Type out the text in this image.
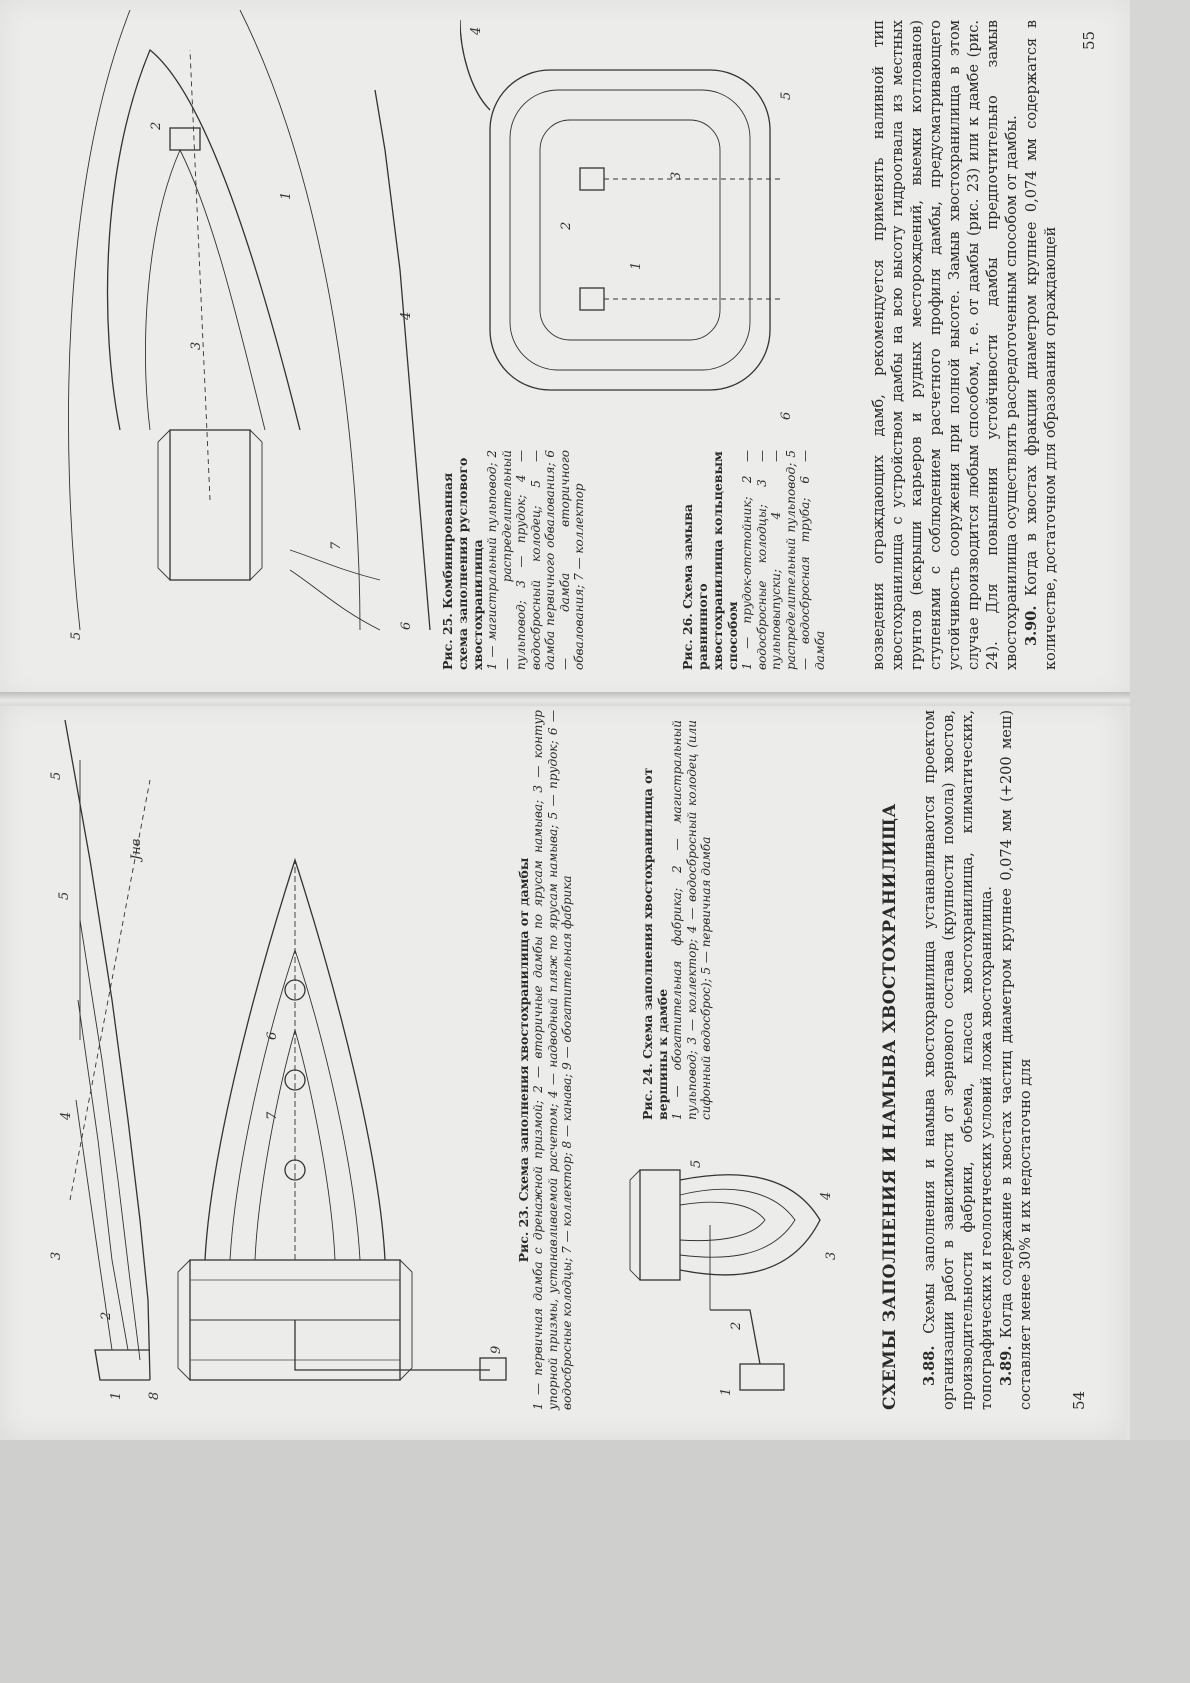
9
7
6
8
1
2
3
4
5
5
Jнв
Рис. 23. Схема заполнения хвостохранилища от дамбы 1 — первичная дамба с дренажной призмой; 2 — вторичные дамбы по ярусам намыва; 3 — контур упорной призмы, устанавливаемой расчетом; 4 — надводный пляж по ярусам намыва; 5 — прудок; 6 — водосбросные колодцы; 7 — коллектор; 8 — канава; 9 — обогатительная фабрика	1
2
3
4
5
Рис. 24. Схема заполнения хвостохранилища от вершины к дамбе 1 — обогатительная фабрика; 2 — магистральный пульповод; 3 — коллектор; 4 — водосбросный колодец (или сифонный водосброс); 5 — первичная дамба	СХЕМЫ ЗАПОЛНЕНИЯ И НАМЫВА ХВОСТОХРАНИЛИЩА 3.88. Схемы заполнения и намыва хвостохранилища устанавливаются проектом организации работ в зависимости от зернового состава (крупности помола) хвостов, производительности фабрики, объема, класса хвостохранилища, климатических, топографических и геологических условий ложа хвостохранилища. 3.89. Когда содержание в хвостах частиц диаметром крупнее 0,074 мм (+200 меш) составляет менее 30% и их недостаточно для 54
5
7
3
1
2
6
4
Рис. 25. Комбинированная схема заполнения руслового хвостохранилища 1 — магистральный пульповод; 2 — распределительный пульповод; 3 — прудок; 4 — водосбросный колодец; 5 — дамба первичного обвалования; 6 — дамба вторичного обвалования; 7 — коллектор
1
2
3
4
5
6
Рис. 26. Схема замыва равнинного хвостохранилища кольцевым способом 1 — прудок-отстойник; 2 — водосбросные колодцы; 3 — пульповыпуски; 4 — распределительный пульповод; 5 — водосбросная труба; 6 — дамба	возведения ограждающих дамб, рекомендуется применять наливной тип хвостохранилища с устройством дамбы на всю высоту гидроотвала из местных грунтов (вскрыши карьеров и рудных месторождений, выемки котлованов) ступенями с соблюдением расчетного профиля дамбы, предусматривающего устойчивость сооружения при полной высоте. Замыв хвостохранилища в этом случае производится любым способом, т. е. от дамбы (рис. 23) или к дамбе (рис. 24). Для повышения устойчивости дамбы предпочтительно замыв хвостохранилища осуществлять рассредоточенным способом от дамбы. 3.90. Когда в хвостах фракции диаметром крупнее 0,074 мм содержатся в количестве, достаточном для образования ограждающей

55
